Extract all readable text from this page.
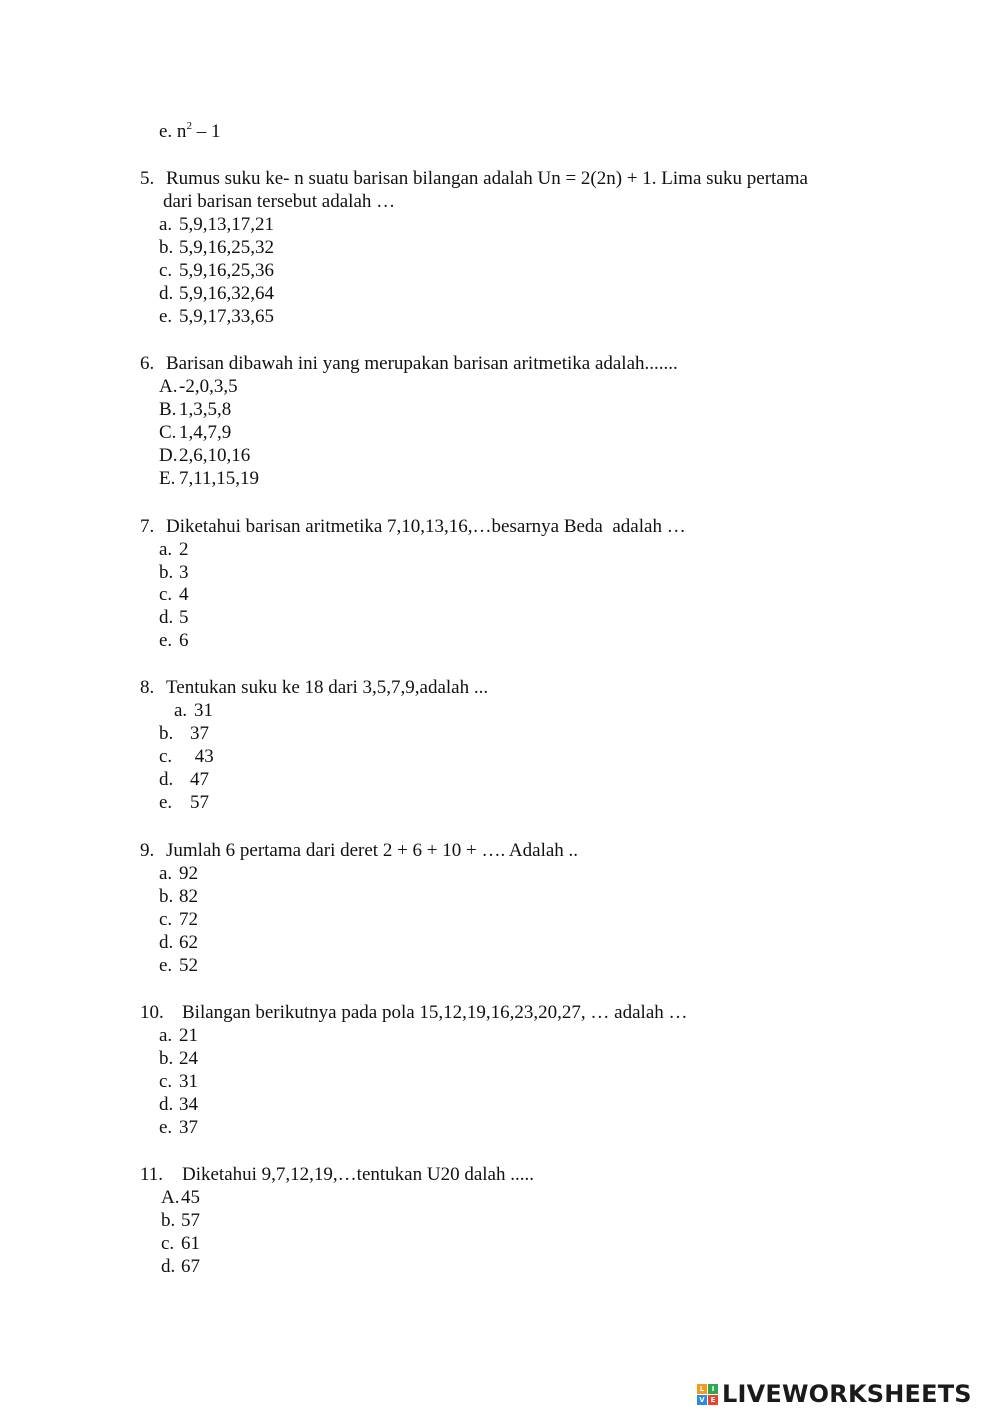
e. $n^2 - 1$
5. Rumus suku ke- n suatu barisan bilangan adalah Un = 2(2n) + 1. Lima suku pertama
dari barisan tersebut adalah …
a. 5,9,13,17,21
b. 5,9,16,25,32
c. 5,9,16,25,36
d. 5,9,16,32,64
e. 5,9,17,33,65
6. Barisan dibawah ini yang merupakan barisan aritmetika adalah.......
A.-2,0,3,5
B. 1,3,5,8
C. 1,4,7,9
D.2,6,10,16
E. 7,11,15,19
7. Diketahui barisan aritmetika 7,10,13,16,…besarnya Beda  adalah …
a. 2
b. 3
c. 4
d. 5
e. 6
8. Tentukan suku ke 18 dari 3,5,7,9,adalah ...
a. 31
b. 37
c. 43
d. 47
e. 57
9. Jumlah 6 pertama dari deret 2 + 6 + 10 + …. Adalah ..
a. 92
b. 82
c. 72
d. 62
e. 52
10. Bilangan berikutnya pada pola 15,12,19,16,23,20,27, … adalah …
a. 21
b. 24
c. 31
d. 34
e. 37
11. Diketahui 9,7,12,19,…tentukan U20 dalah .....
A.45
b. 57
c. 61
d. 67
L	I
V E LIVEWORKSHEETS
